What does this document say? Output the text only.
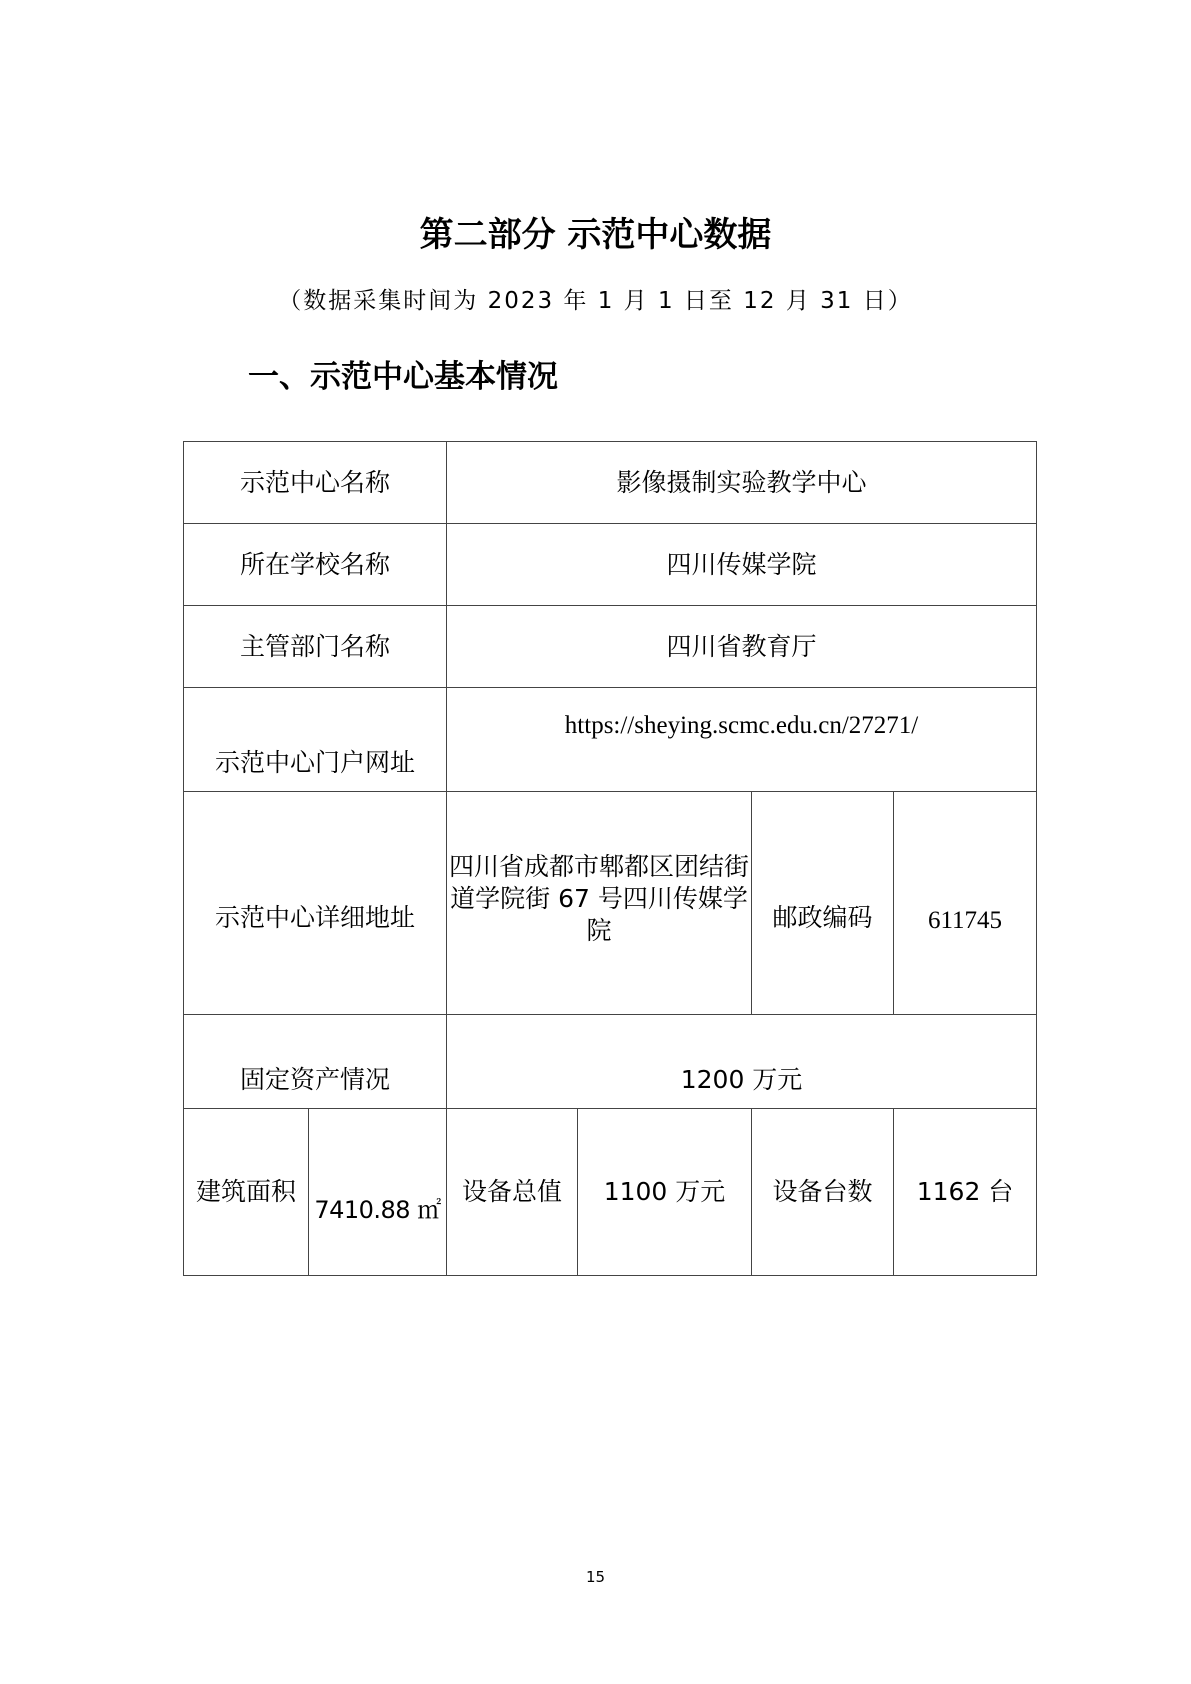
第二部分 示范中心数据
（数据采集时间为 2023 年 1 月 1 日至 12 月 31 日）
一、示范中心基本情况
示范中心名称		影像摄制实验教学中心			
所在学校名称		四川传媒学院			
主管部门名称		四川省教育厅			
示范中心门户网址		https://sheying.scmc.edu.cn/27271/			
示范中心详细地址		四川省成都市郫都区团结街道学院街 67 号四川传媒学院		邮政编码	611745
固定资产情况		1200 万元			
建筑面积	7410.88 ㎡	设备总值	1100 万元	设备台数	1162 台
15
